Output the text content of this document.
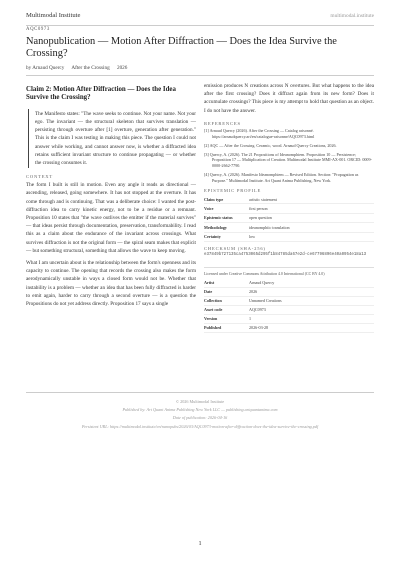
Multimodal Institute	multimodal.institute
AQC0973
Nanopublication — Motion After Diffraction — Does the Idea Survive the Crossing?
by Arnaud Quercy After the Crossing 2026
Claim 2: Motion After Diffraction — Does the Idea Survive the Crossing?
The Manifesto states: "The wave seeks to continue. Not your name. Not your ego. The invariant — the structural skeleton that survives translation — persisting through overture after [1] overture, generation after generation." This is the claim I was testing in making this piece. The question I could not answer while working, and cannot answer now, is whether a diffracted idea retains sufficient invariant structure to continue propagating — or whether the crossing consumes it.
CONTEXT

The form I built is still in motion. Even any angle it reads as directional — ascending, released, going somewhere. It has not stopped at the overture. It has come through and is continuing. That was a deliberate choice: I wanted the post-diffraction idea to carry kinetic energy, not to be a residue or a remnant. Proposition 10 states that "the wave outlives the emitter if the material survives" — that ideas persist through documentation, preservation, transformability. I read this as a claim about the endurance of the invariant across crossings. What survives diffraction is not the original form — the spiral seam makes that explicit — but something structural, something that allows the wave to keep moving.

What I am uncertain about is the relationship between the form's openness and its capacity to continue. The opening that records the crossing also makes the form aerodynamically unstable in ways a closed form would not be. Whether that instability is a problem — whether an idea that has been fully diffracted is harder to emit again, harder to carry through a second overture — is a question the Propositions do not yet address directly. Proposition 17 says a single

emission produces N creations across N overtures. But what happens to the idea after the first crossing? Does it diffract again from its new form? Does it accumulate crossings? This piece is my attempt to hold that question as an object. I do not have the answer.

REFERENCES
[1] Arnaud Quercy (2026). After the Crossing — Catalog raisonné. https://arnaudquercy.art/en/catalogue-raisonne/AQC0973.html
[2] AQC — After the Crossing. Ceramic, wood. Arnaud Quercy Creations, 2026.
[3] Quercy, A. (2026). The 21 Propositions of Ideanomphiem. Proposition 10 — Persistence; Proposition 17 — Multiplication of Creation. Multimodal Institute MMI-AX-001. ORCID: 0009-0000-2662-7790.
[4] Quercy, A. (2026). Manifesto Ideanomphiem — Revised Edition. Section: "Propagation as Purpose." Multimodal Institute. Art Quant Anima Publishing, New York.
EPISTEMIC PROFILE
Claim type	artistic statement
Voice	first person
Epistemic status	open question
Methodology	ideanomphiic translation
Certainty	low
CHECKSUM (SHA-256)
e37849b727135ca4753065d295f1b84785da67e2d-ce67796896e40a0954e18a13
Licensed under Creative Commons Attribution 4.0 International (CC BY 4.0)
Artist	Arnaud Quercy
Date	2026
Collection	Unnamed Creations
Asset code	AQC0973
Version	1
Published	2026-03-28
© 2026 Multimodal Institute
Published by: Art Quant Anima Publishing New York LLC — publishing.artquantanima.com
Date of publication: 2026-04-16
Persistent URL: https://multimodal.institute/en/nanopubs/2026/03/AQC0973-motion-after-diffraction-does-the-idea-survive-the-crossing.pdf
1
